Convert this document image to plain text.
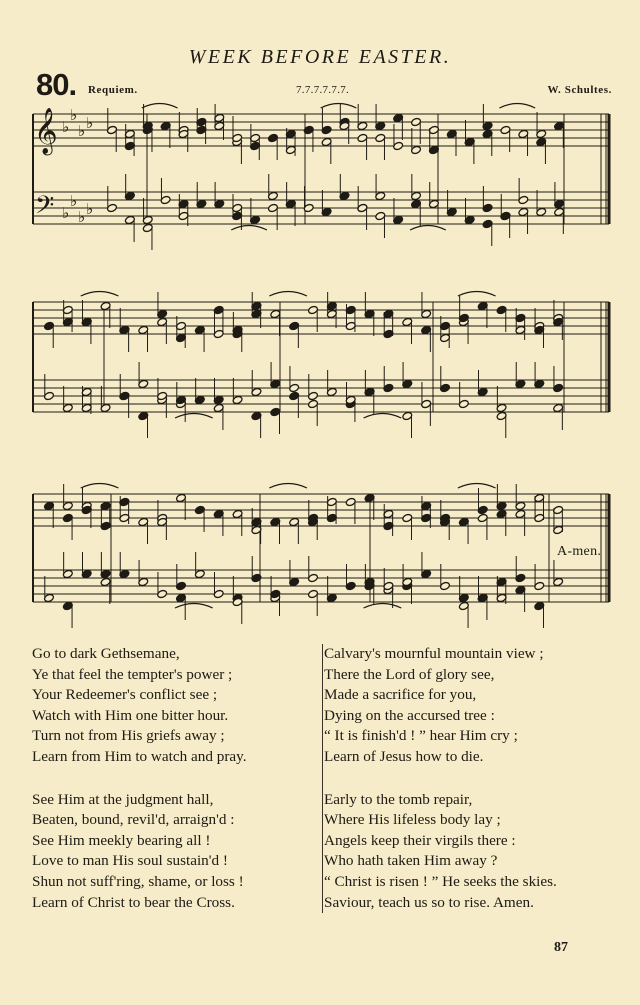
WEEK BEFORE EASTER.
80. Requiem.	7.7.7.7.7.7.	W. Schultes.
𝄞
𝄢
♭
♭
♭ ♭
♭
♭
♭ ♭
A-men.
Go to dark Gethsemane,
Ye that feel the tempter's power ;
Your Redeemer's conflict see ;
Watch with Him one bitter hour.
Turn not from His griefs away ;
Learn from Him to watch and pray.
See Him at the judgment hall,
Beaten, bound, revil'd, arraign'd :
See Him meekly bearing all !
Love to man His soul sustain'd !
Shun not suff'ring, shame, or loss !
Learn of Christ to bear the Cross.
Calvary's mournful mountain view ;
There the Lord of glory see,
Made a sacrifice for you,
Dying on the accursed tree :
“ It is finish'd ! ” hear Him cry ;
Learn of Jesus how to die.
Early to the tomb repair,
Where His lifeless body lay ;
Angels keep their virgils there :
Who hath taken Him away ?
“ Christ is risen ! ” He seeks the skies.
Saviour, teach us so to rise. Amen.
87
